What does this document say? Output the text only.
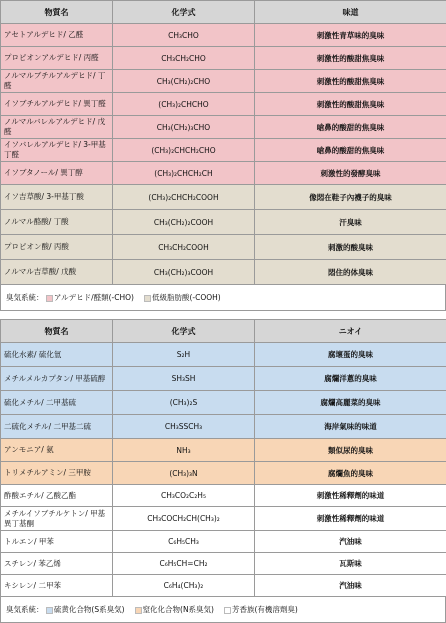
物質名	化学式	味道
アセトアルデヒド/ 乙醛	CH₃CHO	刺激性青草味的臭味
プロピオンアルデヒド/ 丙醛	CH₃CH₂CHO	刺激性的酸甜焦臭味
ノルマルブチルアルデヒド/ 丁醛	CH₃(CH₂)₂CHO	刺激性的酸甜焦臭味
イソブチルアルデヒド/ 異丁醛	(CH₃)₂CHCHO	刺激性的酸甜焦臭味
ノルマルバレルアルデヒド/ 戊醛	CH₃(CH₂)₃CHO	嗆鼻的酸甜的焦臭味
イソバレルアルデヒド/ 3-甲基丁醛	(CH₃)₂CHCH₂CHO	嗆鼻的酸甜的焦臭味
イソブタノール/ 異丁醇	(CH₃)₂CHCH₂CH	刺激性的發酵臭味
イソ吉草酸/ 3-甲基丁酸	(CH₃)₂CHCH₂COOH	像悶在鞋子內襪子的臭味
ノルマル酪酸/ 丁酸	CH₃(CH₂)₂COOH	汗臭味
プロピオン酸/ 丙酸	CH₃CH₂COOH	刺激的酸臭味
ノルマル吉草酸/ 戊酸	CH₃(CH₂)₃COOH	悶住的体臭味
臭気系統： アルデヒド/醛類(-CHO) 低級脂肪酸(-COOH)
物質名	化学式	ニオイ
硫化水素/ 硫化氫	S₂H	腐壞蛋的臭味
メチルメルカプタン/ 甲基硫醇	SH₃SH	腐爛洋蔥的臭味
硫化メチル/ 二甲基硫	(CH₃)₂S	腐爛高麗菜的臭味
二硫化メチル/ 二甲基二硫	CH₃SSCH₃	海岸氣味的味道
アンモニア/ 氨	NH₃	類似尿的臭味
トリメチルアミン/ 三甲胺	(CH₃)₃N	腐爛魚的臭味
酢酸エチル/ 乙酸乙酯	CH₃CO₂C₂H₅	刺激性稀釋劑的味道
メチルイソブチルケトン/ 甲基異丁基酮	CH₃COCH₂CH(CH₃)₂	刺激性稀釋劑的味道
トルエン/ 甲苯	C₆H₅CH₃	汽油味
スチレン/ 苯乙烯	C₆H₅CH=CH₂	瓦斯味
キシレン/ 二甲苯	C₆H₄(CH₃)₂	汽油味
臭気系統： 硫黄化合物(S系臭気) 窒化化合物(N系臭気) 芳香族(有機溶劑臭)
